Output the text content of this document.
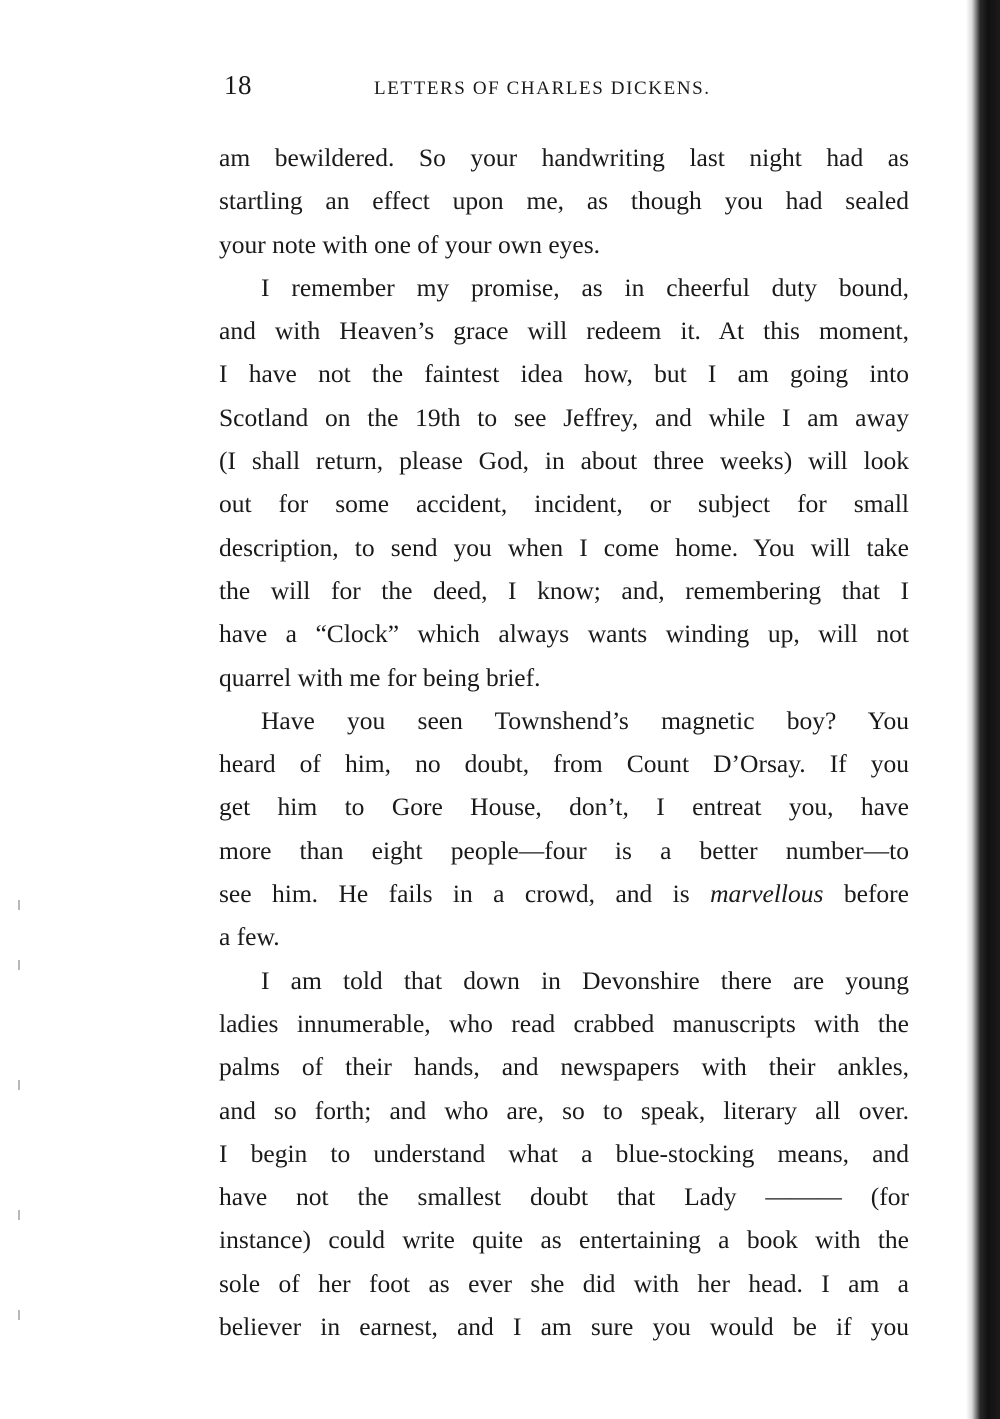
18	LETTERS OF CHARLES DICKENS.

am bewildered. So your handwriting last night had as
startling an effect upon me, as though you had sealed
your note with one of your own eyes.

I remember my promise, as in cheerful duty bound,
and with Heaven’s grace will redeem it. At this moment,
I have not the faintest idea how, but I am going into
Scotland on the 19th to see Jeffrey, and while I am away
(I shall return, please God, in about three weeks) will look
out for some accident, incident, or subject for small
description, to send you when I come home. You will take
the will for the deed, I know; and, remembering that I
have a “Clock” which always wants winding up, will not
quarrel with me for being brief.

Have you seen Townshend’s magnetic boy? You
heard of him, no doubt, from Count D’Orsay. If you
get him to Gore House, don’t, I entreat you, have
more than eight people—four is a better number—to
see him. He fails in a crowd, and is marvellous before
a few.

I am told that down in Devonshire there are young
ladies innumerable, who read crabbed manuscripts with the
palms of their hands, and newspapers with their ankles,
and so forth; and who are, so to speak, literary all over.
I begin to understand what a blue-stocking means, and
have not the smallest doubt that Lady ——— (for
instance) could write quite as entertaining a book with the
sole of her foot as ever she did with her head. I am a
believer in earnest, and I am sure you would be if you
